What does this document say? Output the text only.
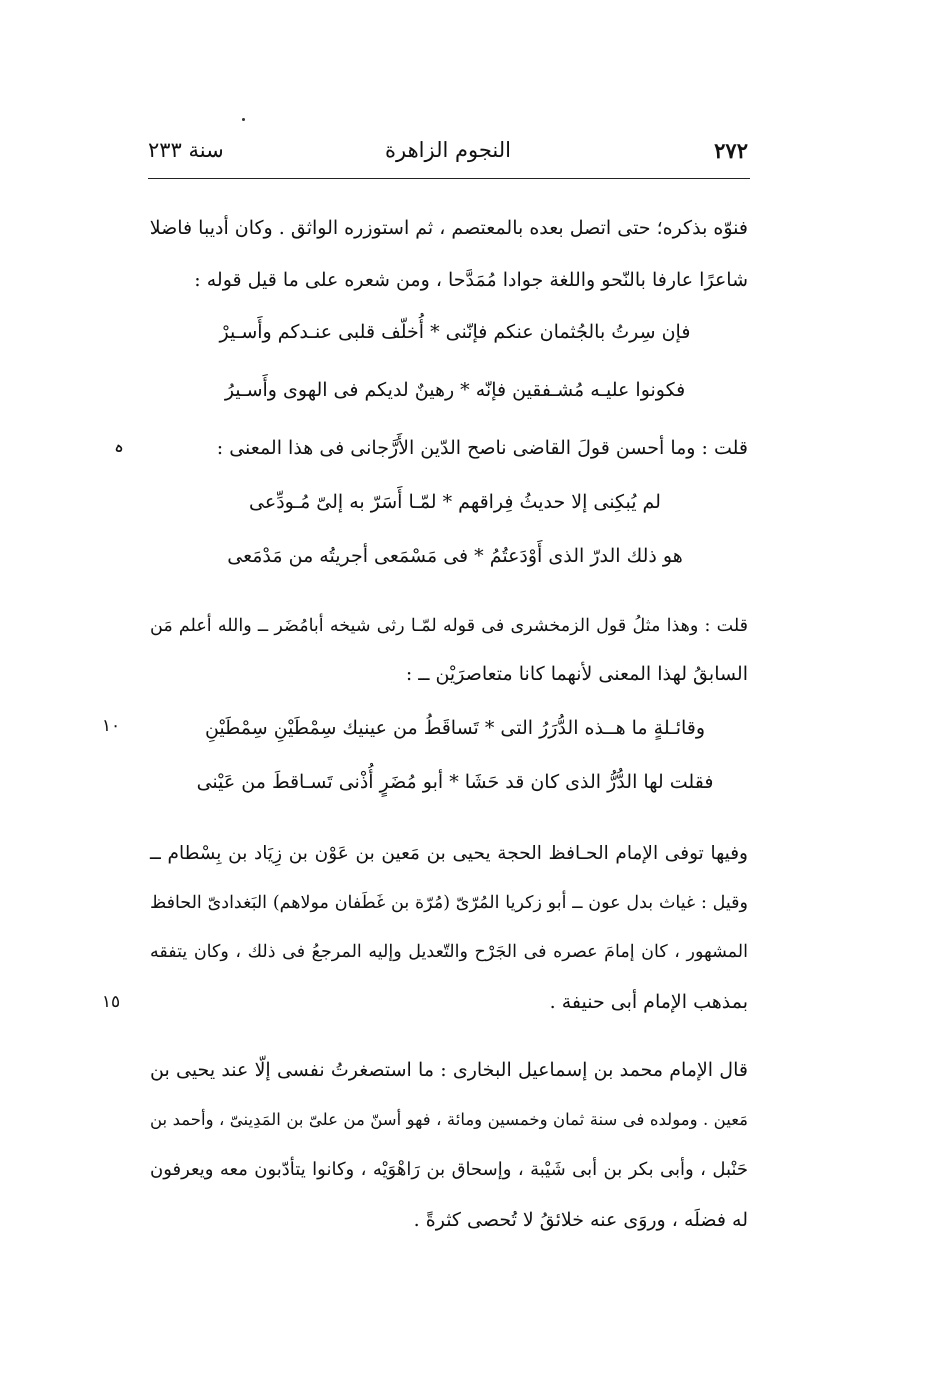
٢٧٢
النجوم الزاهرة
سنة ٢٣٣
فنوّه بذكره؛ حتى اتصل بعده بالمعتصم ، ثم استوزره الواثق . وكان أديبا فاضلا
شاعرًا عارفا بالنّحو واللغة جوادا مُمَدَّحا ، ومن شعره على ما قيل قوله :
فإن سِرتُ بالجُثمان عنكم فإنّنى * أُخلّف قلبى عنـدكم وأَسـيرْ
فكونوا عليـه مُشـفقين فإنّه * رهينٌ لديكم فى الهوى وأَسـيرُ
قلت : وما أحسن قولَ القاضى ناصح الدّين الأَرَّجانى فى هذا المعنى :
ہ
لم يُبكِنى إلا حديثُ فِراقهم * لمّـا أَسَرّ به إلىّ مُـودِّعى
هو ذلك الدرّ الذى أَوْدَعتُمُ * فى مَسْمَعى أجريتُه من مَدْمَعى
قلت : وهذا مثلُ قول الزمخشرى فى قوله لمّـا رثى شيخه أبامُضَر ــ والله أعلم مَن
السابقُ لهذا المعنى لأنهما كانا متعاصرَيْن ــ :
وقائـلةٍ ما هــذه الدُّرَرُ التى * تَساقَطُ من عينيك سِمْطَيْنِ سِمْطَيْنِ
١٠
فقلت لها الدُّرُّ الذى كان قد حَشَا * أبو مُضَرٍ أُذْنى تَسـاقطَ من عَيْنى
وفيها توفى الإمام الحـافظ الحجة يحيى بن مَعين بن عَوْن بن زِيَاد بن بِسْطام ــ
وقيل : غياث بدل عون ــ أبو زكريا المُرّىّ (مُرّة بن غَطَفان مولاهم) البَغدادىّ الحافظ
المشهور ، كان إمامَ عصره فى الجَرْح والتّعديل وإليه المرجعُ فى ذلك ، وكان يتفقه
بمذهب الإمام أبى حنيفة .
١٥
قال الإمام محمد بن إسماعيل البخارى : ما استصغرتُ نفسى إلّا عند يحيى بن
مَعين . ومولده فى سنة ثمان وخمسين ومائة ، فهو أسنّ من علىّ بن المَدِينىّ ، وأحمد بن
حَنْبل ، وأبى بكر بن أبى شَيْبة ، وإسحاق بن رَاهْوَيْه ، وكانوا يتأدّبون معه ويعرفون
له فضلَه ، وروَى عنه خلائقُ لا تُحصى كثرةً .
